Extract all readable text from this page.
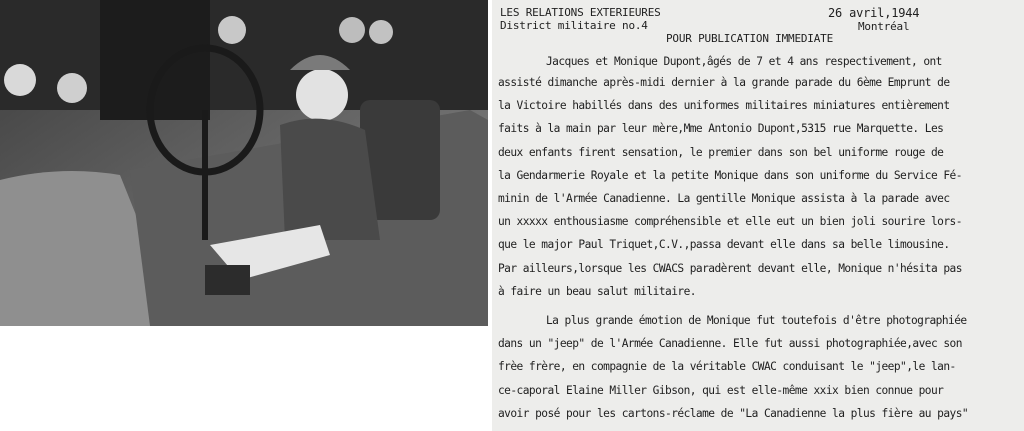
LES RELATIONS EXTERIEURES
District militaire no.4
26 avril,1944
Montréal
POUR PUBLICATION IMMEDIATE
Jacques et Monique Dupont,âgés de 7 et 4 ans respectivement, ont
assisté dimanche après-midi dernier à la grande parade du 6ème Emprunt de
la Victoire habillés dans des uniformes militaires miniatures entièrement
faits à la main par leur mère,Mme Antonio Dupont,5315 rue Marquette. Les
deux enfants firent sensation, le premier dans son bel uniforme rouge de
la Gendarmerie Royale et la petite Monique dans son uniforme du Service Fé-
minin de l'Armée Canadienne. La gentille Monique assista à la parade avec
un xxxxx enthousiasme compréhensible et elle eut un bien joli sourire lors-
que le major Paul Triquet,C.V.,passa devant elle dans sa belle limousine.
Par ailleurs,lorsque les CWACS paradèrent devant elle, Monique n'hésita pas
à faire un beau salut militaire.
La plus grande émotion de Monique fut toutefois d'être photographiée
dans un "jeep" de l'Armée Canadienne. Elle fut aussi photographiée,avec son
frèe frère, en compagnie de la véritable CWAC conduisant le "jeep",le lan-
ce-caporal Elaine Miller Gibson, qui est elle-même xxix bien connue pour
avoir posé pour les cartons-réclame de "La Canadienne la plus fière au pays"
